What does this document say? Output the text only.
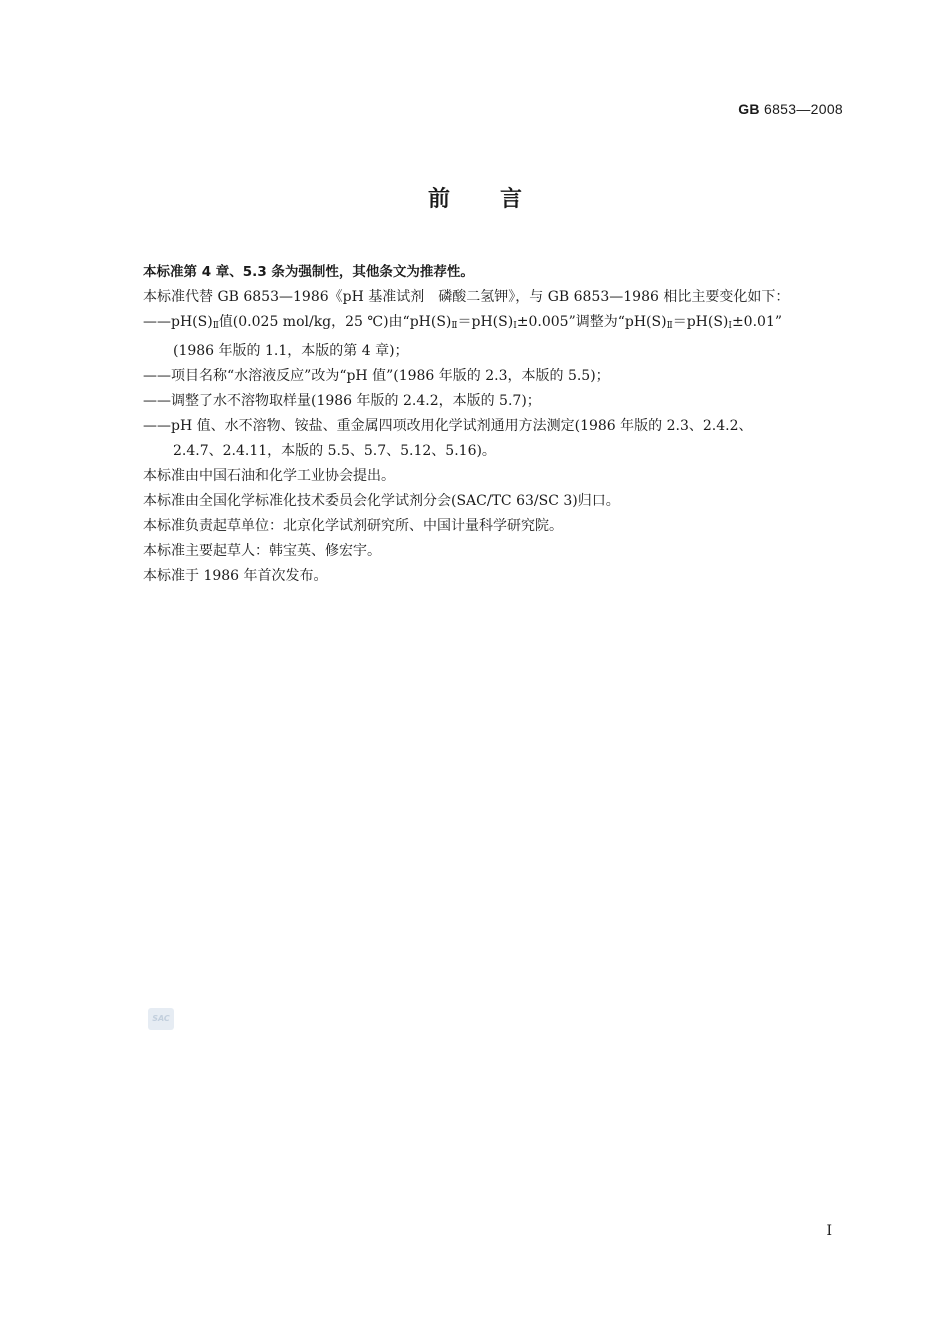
GB 6853—2008
前言
本标准第 4 章、5.3 条为强制性，其他条文为推荐性。
本标准代替 GB 6853—1986《pH 基准试剂　磷酸二氢钾》，与 GB 6853—1986 相比主要变化如下：
$——pH(S)_Ⅱ$值(0.025 mol/kg，25 ℃)由“$pH(S)_Ⅱ=pH(S)_Ⅰ\pm 0.005$”调整为“$pH(S)_Ⅱ=pH(S)_Ⅰ\pm 0.01$”
(1986 年版的 1.1，本版的第 4 章)；
——项目名称“水溶液反应”改为“pH 值”(1986 年版的 2.3，本版的 5.5)；
——调整了水不溶物取样量(1986 年版的 2.4.2，本版的 5.7)；
——pH 值、水不溶物、铵盐、重金属四项改用化学试剂通用方法测定(1986 年版的 2.3、2.4.2、
2.4.7、2.4.11，本版的 5.5、5.7、5.12、5.16)。
本标准由中国石油和化学工业协会提出。
本标准由全国化学标准化技术委员会化学试剂分会(SAC/TC 63/SC 3)归口。
本标准负责起草单位：北京化学试剂研究所、中国计量科学研究院。
本标准主要起草人：韩宝英、修宏宇。
本标准于 1986 年首次发布。
SAC
I
